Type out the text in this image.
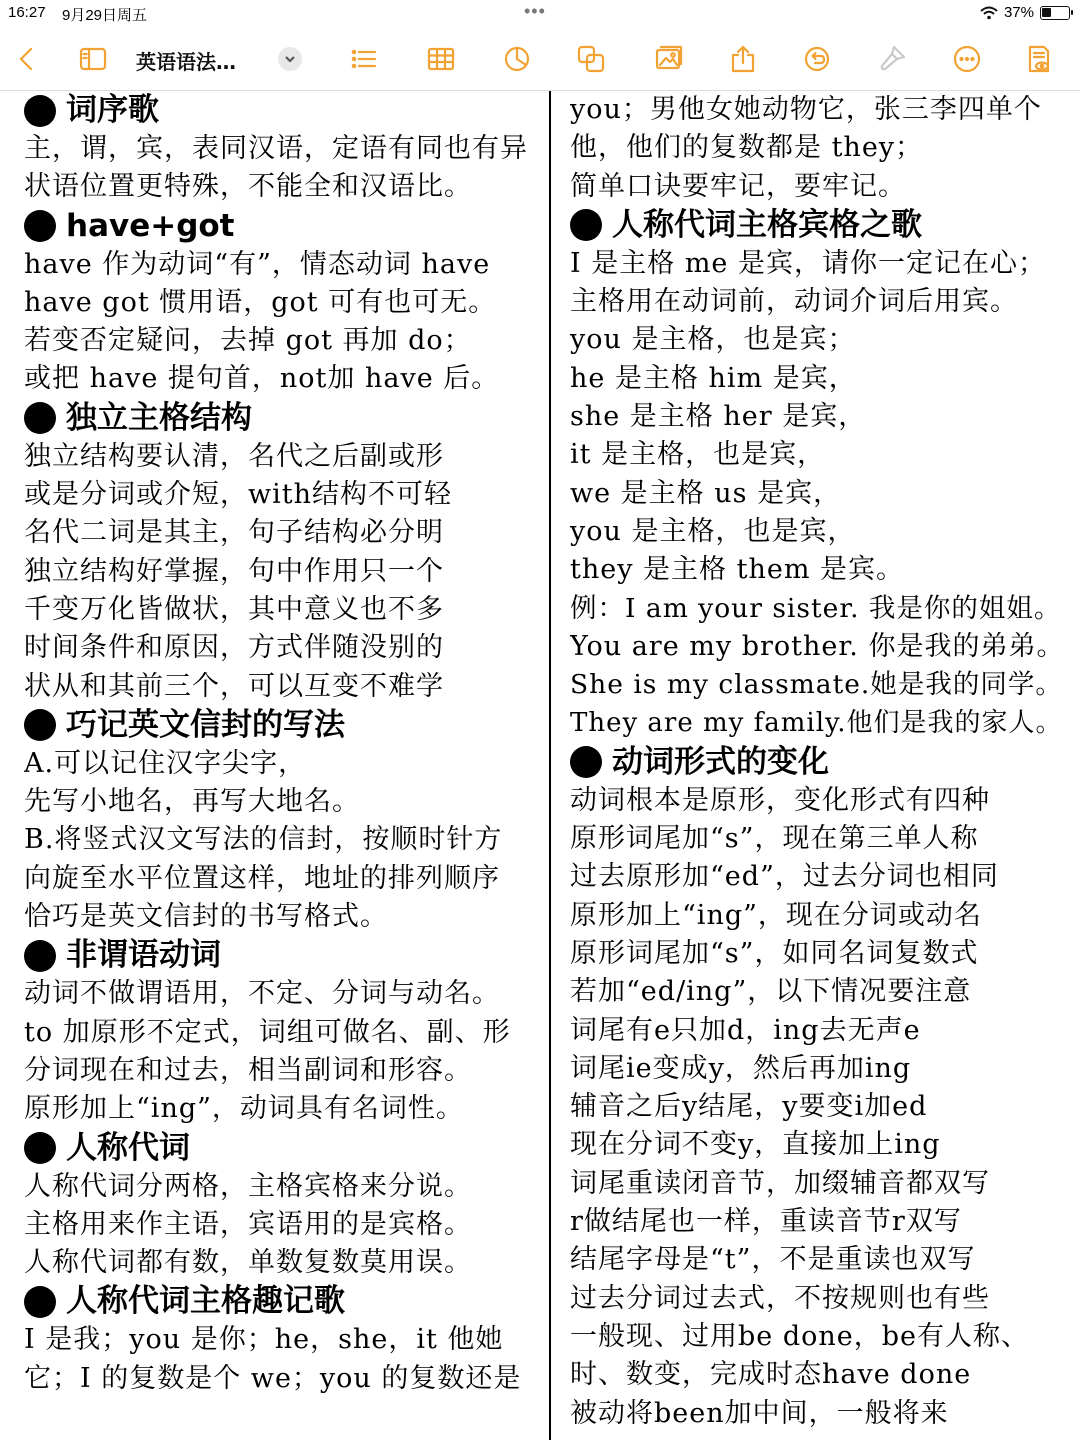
16:27 9月29日周五	•••	37%
英语语法…
词序歌
主，谓，宾，表同汉语，定语有同也有异
状语位置更特殊，不能全和汉语比。
have+got
have 作为动词“有”，情态动词 have
have got 惯用语，got 可有也可无。
若变否定疑问，去掉 got 再加 do；
或把 have 提句首，not加 have 后。
独立主格结构
独立结构要认清，名代之后副或形
或是分词或介短，with结构不可轻
名代二词是其主，句子结构必分明
独立结构好掌握，句中作用只一个
千变万化皆做状，其中意义也不多
时间条件和原因，方式伴随没别的
状从和其前三个，可以互变不难学
巧记英文信封的写法
A.可以记住汉字尖字，
先写小地名，再写大地名。
B.将竖式汉文写法的信封，按顺时针方
向旋至水平位置这样，地址的排列顺序
恰巧是英文信封的书写格式。
非谓语动词
动词不做谓语用，不定、分词与动名。
to 加原形不定式，词组可做名、副、形
分词现在和过去，相当副词和形容。
原形加上“ing”，动词具有名词性。
人称代词
人称代词分两格，主格宾格来分说。
主格用来作主语，宾语用的是宾格。
人称代词都有数，单数复数莫用误。
人称代词主格趣记歌
I 是我；you 是你；he，she，it 他她
它；I 的复数是个 we；you 的复数还是
you；男他女她动物它，张三李四单个
他，他们的复数都是 they；
简单口诀要牢记，要牢记。
人称代词主格宾格之歌
I 是主格 me 是宾，请你一定记在心；
主格用在动词前，动词介词后用宾。
you 是主格，也是宾；
he 是主格 him 是宾，
she 是主格 her 是宾，
it 是主格，也是宾，
we 是主格 us 是宾，
you 是主格，也是宾，
they 是主格 them 是宾。
例：I am your sister. 我是你的姐姐。
You are my brother. 你是我的弟弟。
She is my classmate.她是我的同学。
They are my family.他们是我的家人。
动词形式的变化
动词根本是原形，变化形式有四种
原形词尾加“s”，现在第三单人称
过去原形加“ed”，过去分词也相同
原形加上“ing”，现在分词或动名
原形词尾加“s”，如同名词复数式
若加“ed/ing”，以下情况要注意
词尾有e只加d，ing去无声e
词尾ie变成y，然后再加ing
辅音之后y结尾，y要变i加ed
现在分词不变y，直接加上ing
词尾重读闭音节，加缀辅音都双写
r做结尾也一样，重读音节r双写
结尾字母是“t”，不是重读也双写
过去分词过去式，不按规则也有些
一般现、过用be done，be有人称、
时、数变，完成时态have done
被动将been加中间，一般将来
